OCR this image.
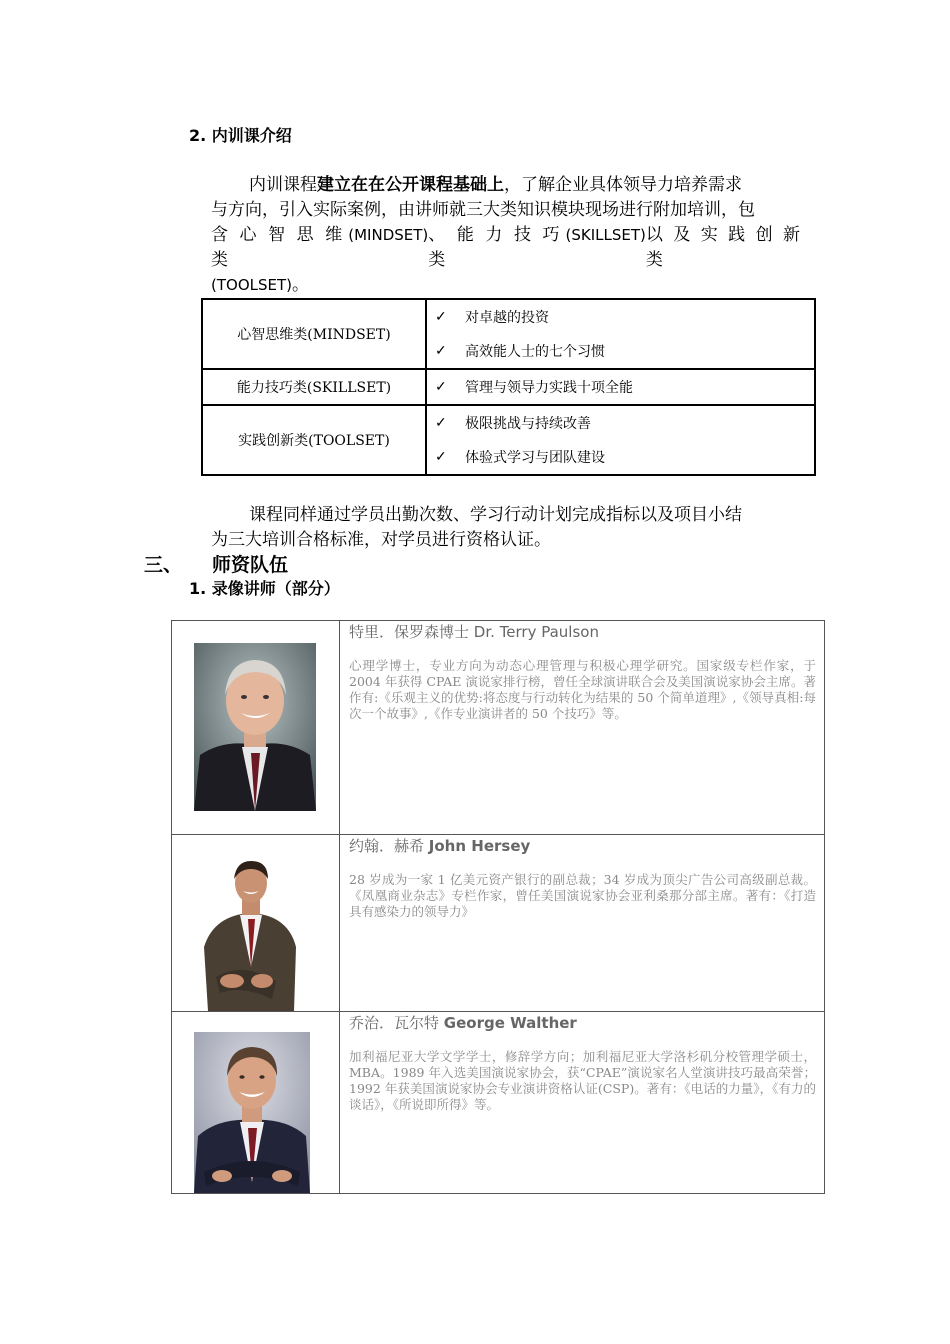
2. 内训课介绍
内训课程建立在在公开课程基础上，了解企业具体领导力培养需求
与方向，引入实际案例，由讲师就三大类知识模块现场进行附加培训，包
含心智思维类
(MINDSET) 、能力技巧类
(SKILLSET) 以及实践创新类
(TOOLSET)。
心智思维类(MINDSET)	✓ 对卓越的投资
✓ 高效能人士的七个习惯

能力技巧类(SKILLSET)	✓ 管理与领导力实践十项全能

实践创新类(TOOLSET)	✓ 极限挑战与持续改善
✓ 体验式学习与团队建设
课程同样通过学员出勤次数、学习行动计划完成指标以及项目小结
为三大培训合格标准，对学员进行资格认证。
三、 师资队伍
1. 录像讲师（部分）
特里．保罗森博士 Dr. Terry Paulson
心理学博士，专业方向为动态心理管理与积极心理学研究。国家级专栏作家，于 2004 年获得 CPAE 演说家排行榜，曾任全球演讲联合会及美国演说家协会主席。著作有:《乐观主义的优势:将态度与行动转化为结果的 50 个简单道理》,《领导真相:每次一个故事》,《作专业演讲者的 50 个技巧》等。
约翰．赫希 John Hersey
28 岁成为一家 1 亿美元资产银行的副总裁；34 岁成为顶尖广告公司高级副总裁。《凤凰商业杂志》专栏作家，曾任美国演说家协会亚利桑那分部主席。著有：《打造具有感染力的领导力》
乔治．瓦尔特 George Walther
加利福尼亚大学文学学士，修辞学方向；加利福尼亚大学洛杉矶分校管理学硕士，MBA。1989 年入选美国演说家协会，获“CPAE”演说家名人堂演讲技巧最高荣誉；1992 年获美国演说家协会专业演讲资格认证(CSP)。著有：《电话的力量》，《有力的谈话》，《所说即所得》等。
